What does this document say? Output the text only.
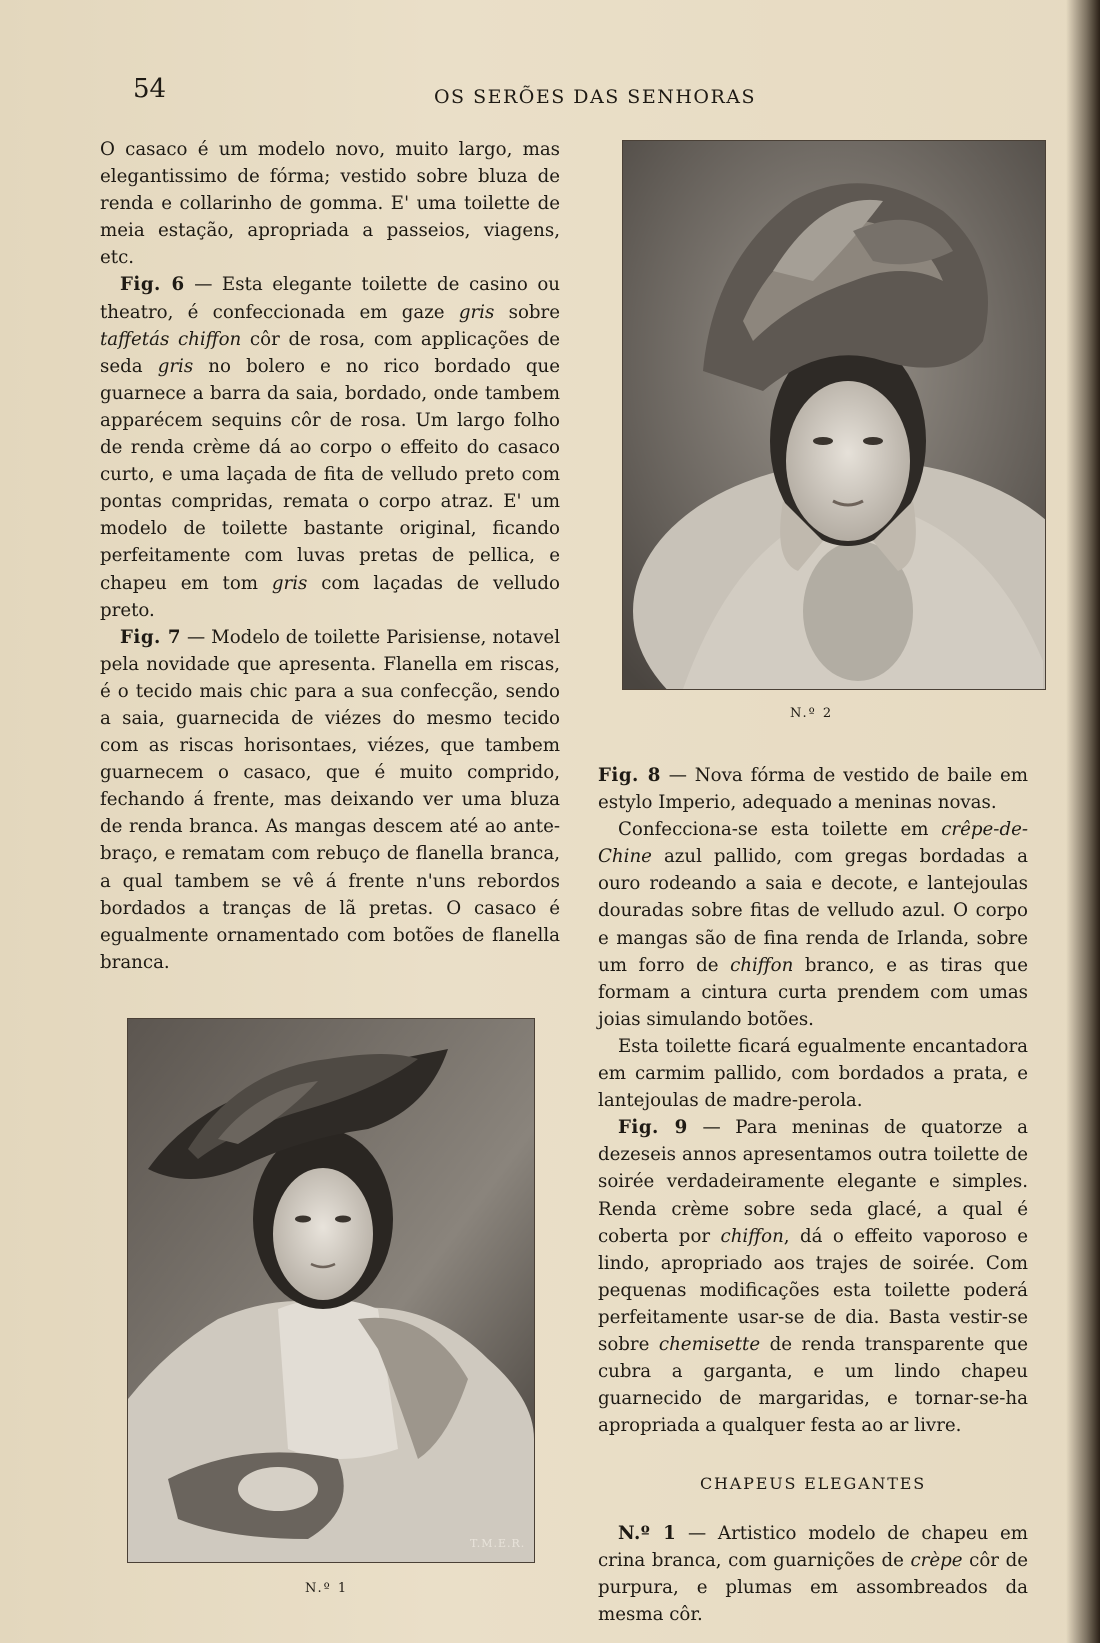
54	OS SERÕES DAS SENHORAS

O casaco é um modelo novo, muito largo, mas elegantissimo de fórma; vestido sobre bluza de renda e collarinho de gomma. E' uma toilette de meia estação, apropriada a passeios, viagens, etc.

Fig. 6 — Esta elegante toilette de casino ou theatro, é confeccionada em gaze gris sobre taffetás chiffon côr de rosa, com applicações de seda gris no bolero e no rico bordado que guarnece a barra da saia, bordado, onde tambem apparécem sequins côr de rosa. Um largo folho de renda crème dá ao corpo o effeito do casaco curto, e uma laçada de fita de velludo preto com pontas compridas, remata o corpo atraz. E' um modelo de toilette bastante original, ficando perfeitamente com luvas pretas de pellica, e chapeu em tom gris com laçadas de velludo preto.

Fig. 7 — Modelo de toilette Parisiense, notavel pela novidade que apresenta. Flanella em riscas, é o tecido mais chic para a sua confecção, sendo a saia, guarnecida de viézes do mesmo tecido com as riscas horisontaes, viézes, que tambem guarnecem o casaco, que é muito comprido, fechando á frente, mas deixando ver uma bluza de renda branca. As mangas descem até ao ante-braço, e rematam com rebuço de flanella branca, a qual tambem se vê á frente n'uns rebordos bordados a tranças de lã pretas. O casaco é egualmente ornamentado com botões de flanella branca.

N.º 2
N.º 1

Fig. 8 — Nova fórma de vestido de baile em estylo Imperio, adequado a meninas novas.

Confecciona-se esta toilette em crêpe-de-Chine azul pallido, com gregas bordadas a ouro rodeando a saia e decote, e lantejoulas douradas sobre fitas de velludo azul. O corpo e mangas são de fina renda de Irlanda, sobre um forro de chiffon branco, e as tiras que formam a cintura curta prendem com umas joias simulando botões.

Esta toilette ficará egualmente encantadora em carmim pallido, com bordados a prata, e lantejoulas de madre-perola.

Fig. 9 — Para meninas de quatorze a dezeseis annos apresentamos outra toilette de soirée verdadeiramente elegante e simples. Renda crème sobre seda glacé, a qual é coberta por chiffon, dá o effeito vaporoso e lindo, apropriado aos trajes de soirée. Com pequenas modificações esta toilette poderá perfeitamente usar-se de dia. Basta vestir-se sobre chemisette de renda transparente que cubra a garganta, e um lindo chapeu guarnecido de margaridas, e tornar-se-ha apropriada a qualquer festa ao ar livre.

CHAPEUS ELEGANTES

N.º 1 — Artistico modelo de chapeu em crina branca, com guarnições de crèpe côr de purpura, e plumas em assombreados da mesma côr.

T.M.E.R.
